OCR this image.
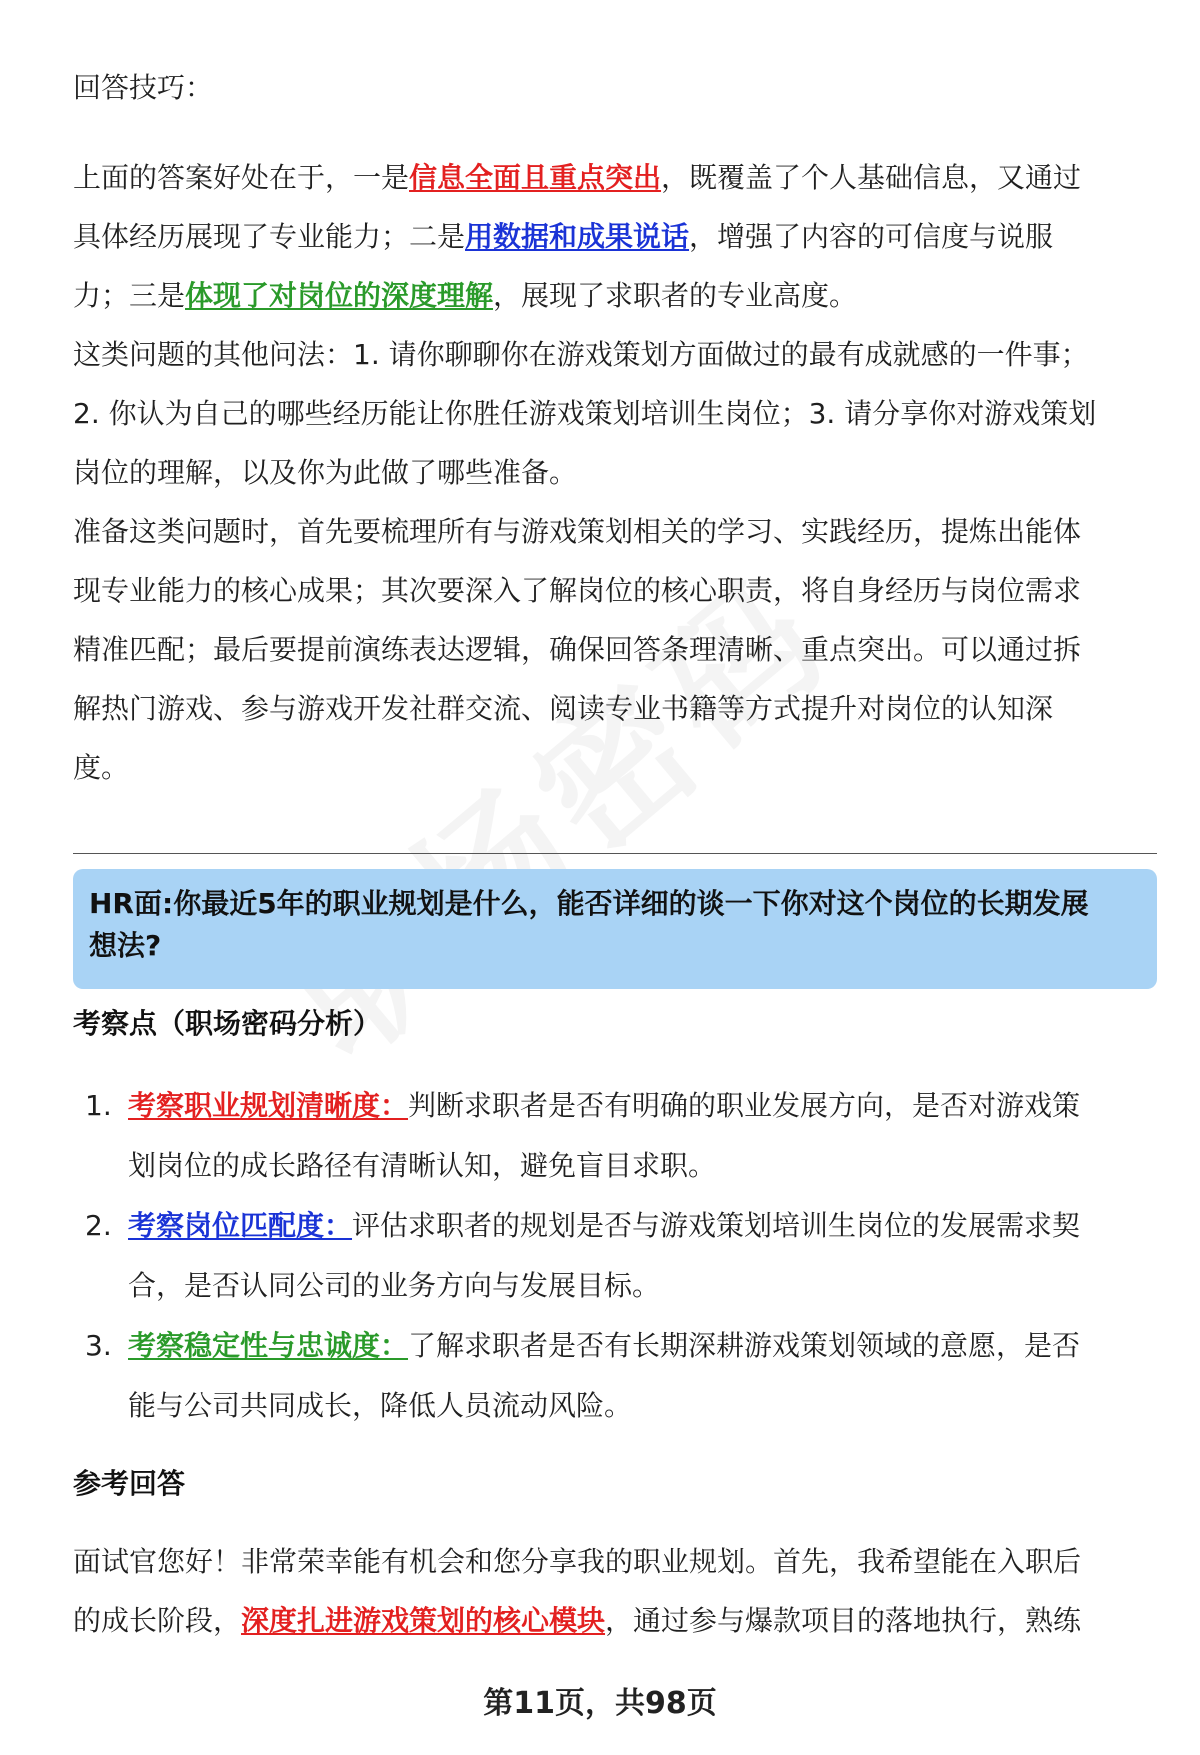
回答技巧：

上面的答案好处在于，一是信息全面且重点突出，既覆盖了个人基础信息，又通过
具体经历展现了专业能力；二是用数据和成果说话，增强了内容的可信度与说服
力；三是体现了对岗位的深度理解，展现了求职者的专业高度。

这类问题的其他问法：1. 请你聊聊你在游戏策划方面做过的最有成就感的一件事；
2. 你认为自己的哪些经历能让你胜任游戏策划培训生岗位；3. 请分享你对游戏策划
岗位的理解，以及你为此做了哪些准备。

准备这类问题时，首先要梳理所有与游戏策划相关的学习、实践经历，提炼出能体
现专业能力的核心成果；其次要深入了解岗位的核心职责，将自身经历与岗位需求
精准匹配；最后要提前演练表达逻辑，确保回答条理清晰、重点突出。可以通过拆
解热门游戏、参与游戏开发社群交流、阅读专业书籍等方式提升对岗位的认知深
度。

HR面:你最近5年的职业规划是什么，能否详细的谈一下你对这个岗位的长期发展
想法?

考察点（职场密码分析）

1. 考察职业规划清晰度：判断求职者是否有明确的职业发展方向，是否对游戏策
划岗位的成长路径有清晰认知，避免盲目求职。
2. 考察岗位匹配度：评估求职者的规划是否与游戏策划培训生岗位的发展需求契
合，是否认同公司的业务方向与发展目标。
3. 考察稳定性与忠诚度：了解求职者是否有长期深耕游戏策划领域的意愿，是否
能与公司共同成长，降低人员流动风险。

参考回答

面试官您好！非常荣幸能有机会和您分享我的职业规划。首先，我希望能在入职后
的成长阶段，深度扎进游戏策划的核心模块，通过参与爆款项目的落地执行，熟练

第11页，共98页
